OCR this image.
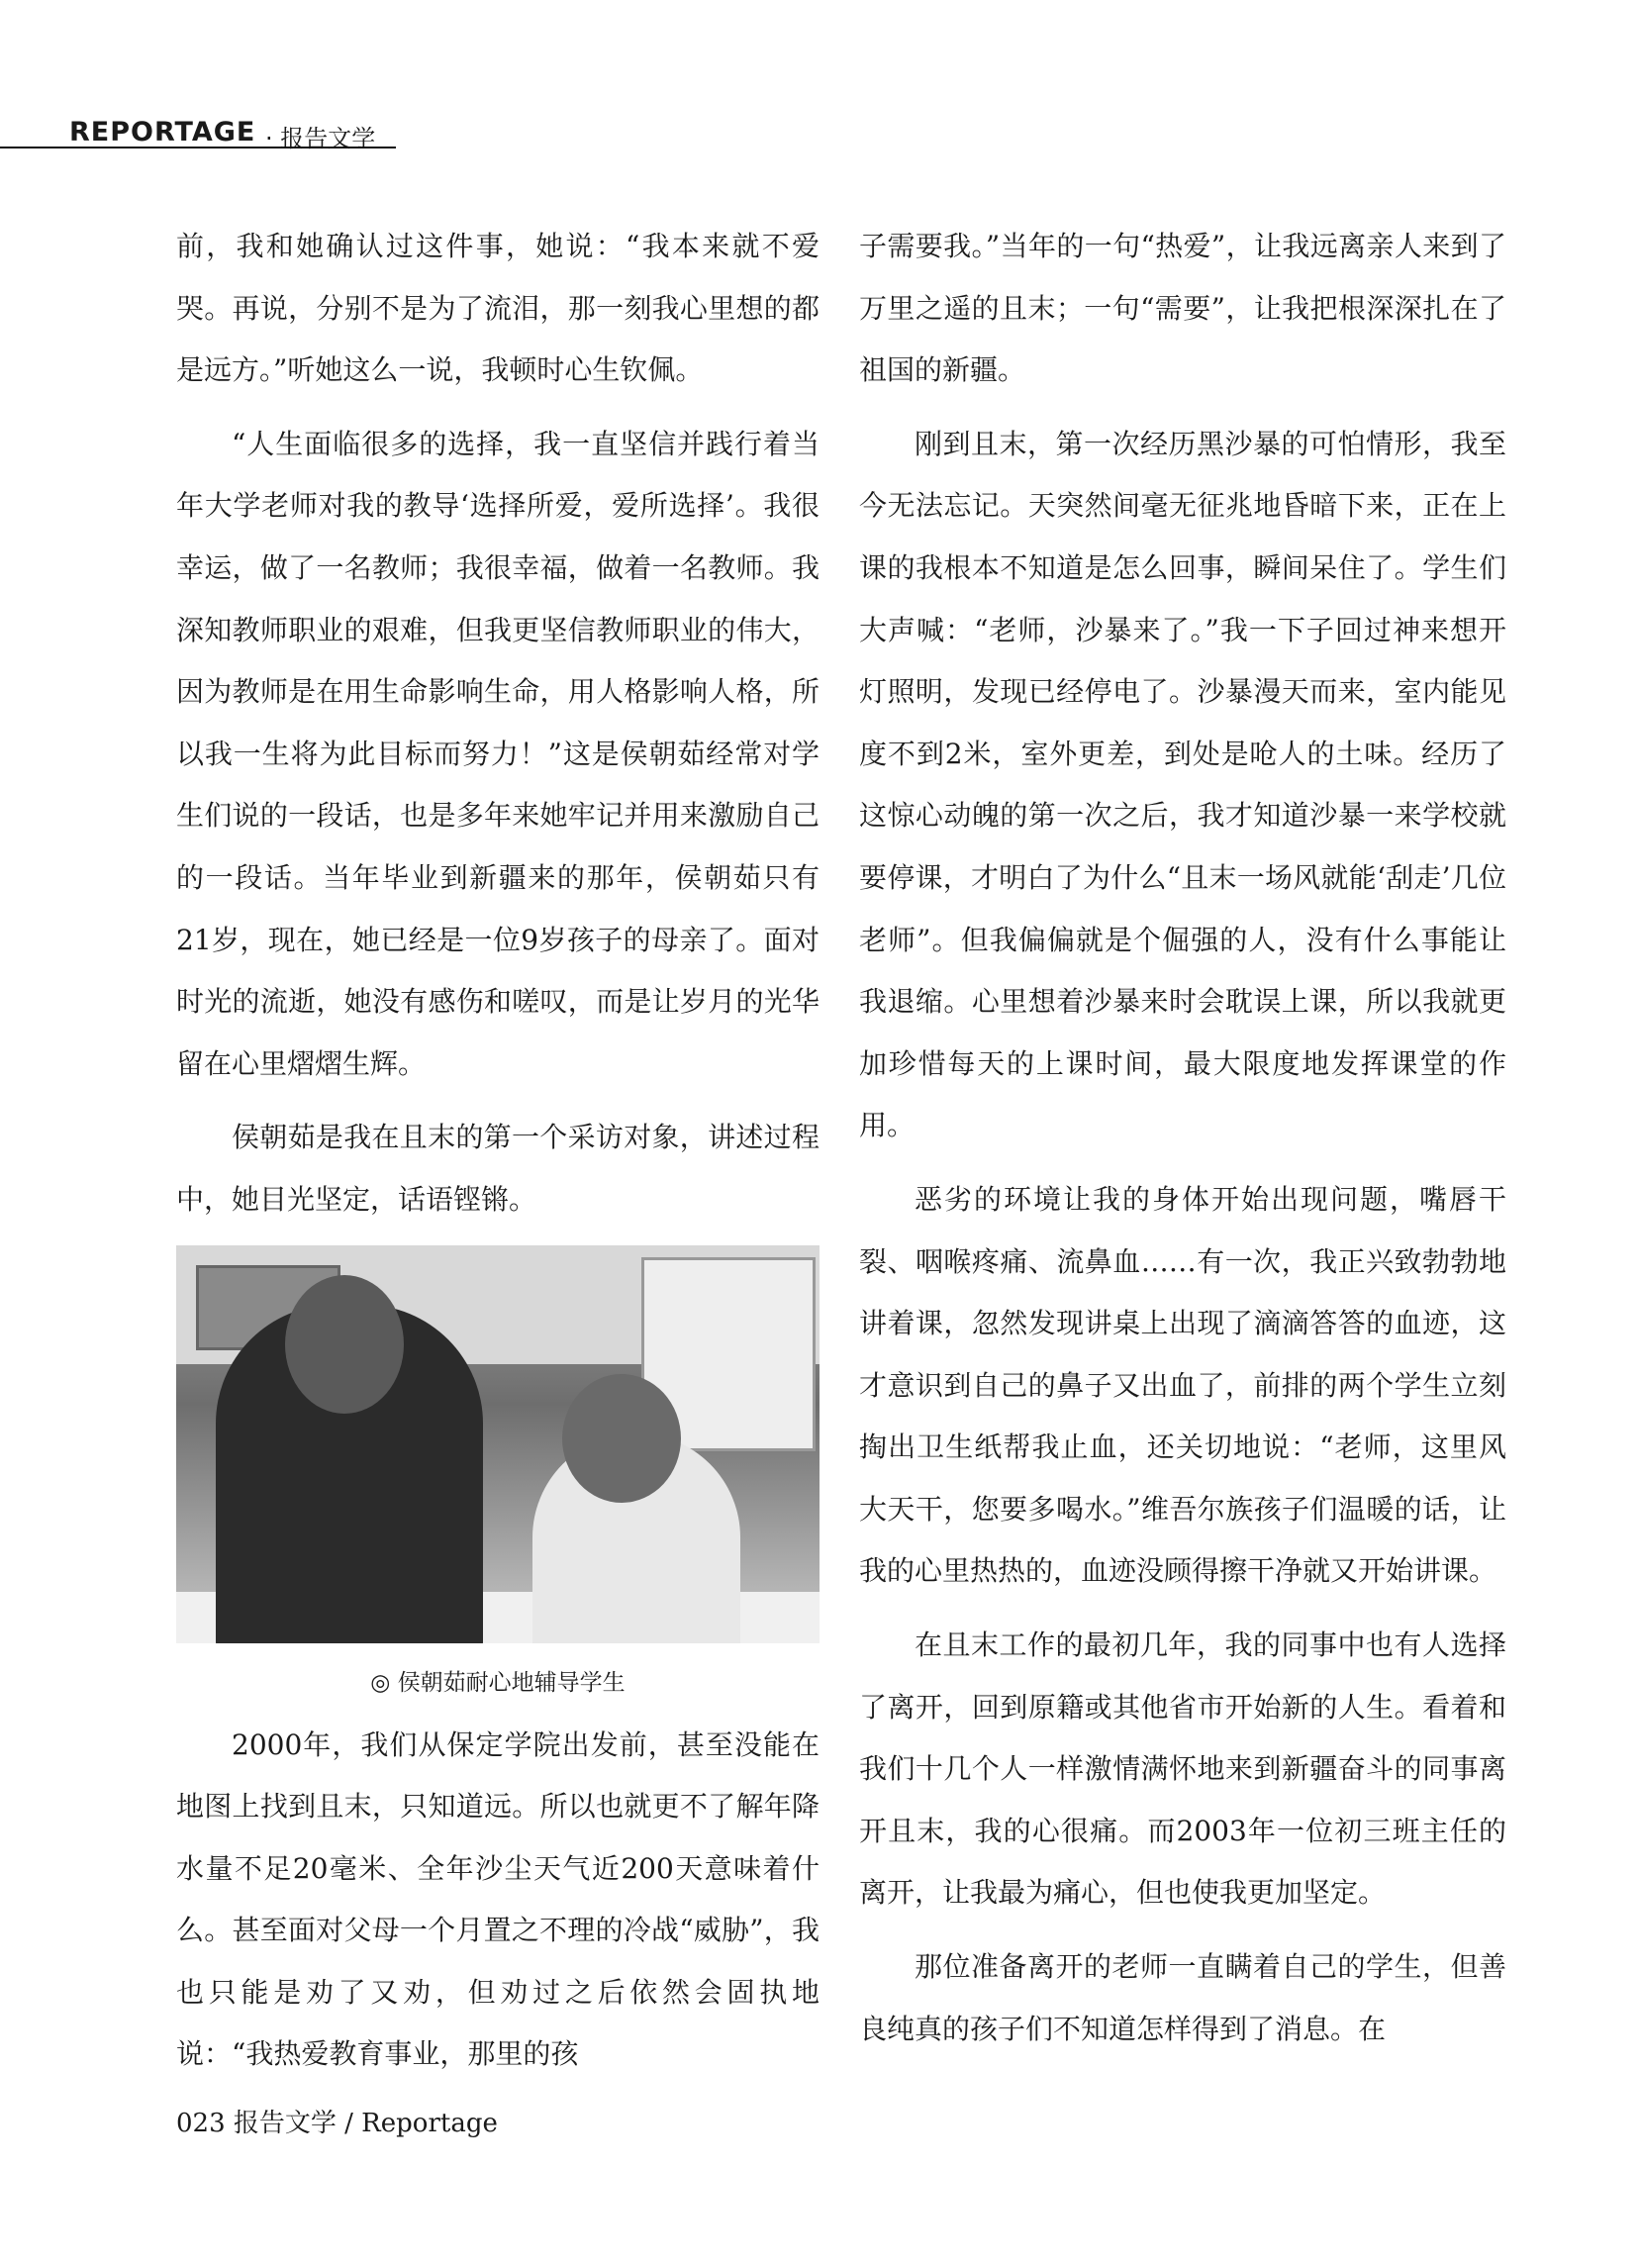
REPORTAGE · 报告文学

前，我和她确认过这件事，她说：“我本来就不爱哭。再说，分别不是为了流泪，那一刻我心里想的都是远方。”听她这么一说，我顿时心生钦佩。

“人生面临很多的选择，我一直坚信并践行着当年大学老师对我的教导‘选择所爱，爱所选择’。我很幸运，做了一名教师；我很幸福，做着一名教师。我深知教师职业的艰难，但我更坚信教师职业的伟大，因为教师是在用生命影响生命，用人格影响人格，所以我一生将为此目标而努力！”这是侯朝茹经常对学生们说的一段话，也是多年来她牢记并用来激励自己的一段话。当年毕业到新疆来的那年，侯朝茹只有21岁，现在，她已经是一位9岁孩子的母亲了。面对时光的流逝，她没有感伤和嗟叹，而是让岁月的光华留在心里熠熠生辉。

侯朝茹是我在且末的第一个采访对象，讲述过程中，她目光坚定，话语铿锵。

◎ 侯朝茹耐心地辅导学生

2000年，我们从保定学院出发前，甚至没能在地图上找到且末，只知道远。所以也就更不了解年降水量不足20毫米、全年沙尘天气近200天意味着什么。甚至面对父母一个月置之不理的冷战“威胁”，我也只能是劝了又劝，但劝过之后依然会固执地说：“我热爱教育事业，那里的孩

子需要我。”当年的一句“热爱”，让我远离亲人来到了万里之遥的且末；一句“需要”，让我把根深深扎在了祖国的新疆。

刚到且末，第一次经历黑沙暴的可怕情形，我至今无法忘记。天突然间毫无征兆地昏暗下来，正在上课的我根本不知道是怎么回事，瞬间呆住了。学生们大声喊：“老师，沙暴来了。”我一下子回过神来想开灯照明，发现已经停电了。沙暴漫天而来，室内能见度不到2米，室外更差，到处是呛人的土味。经历了这惊心动魄的第一次之后，我才知道沙暴一来学校就要停课，才明白了为什么“且末一场风就能‘刮走’几位老师”。但我偏偏就是个倔强的人，没有什么事能让我退缩。心里想着沙暴来时会耽误上课，所以我就更加珍惜每天的上课时间，最大限度地发挥课堂的作用。

恶劣的环境让我的身体开始出现问题，嘴唇干裂、咽喉疼痛、流鼻血……有一次，我正兴致勃勃地讲着课，忽然发现讲桌上出现了滴滴答答的血迹，这才意识到自己的鼻子又出血了，前排的两个学生立刻掏出卫生纸帮我止血，还关切地说：“老师，这里风大天干，您要多喝水。”维吾尔族孩子们温暖的话，让我的心里热热的，血迹没顾得擦干净就又开始讲课。

在且末工作的最初几年，我的同事中也有人选择了离开，回到原籍或其他省市开始新的人生。看着和我们十几个人一样激情满怀地来到新疆奋斗的同事离开且末，我的心很痛。而2003年一位初三班主任的离开，让我最为痛心，但也使我更加坚定。

那位准备离开的老师一直瞒着自己的学生，但善良纯真的孩子们不知道怎样得到了消息。在

023 报告文学 / Reportage
